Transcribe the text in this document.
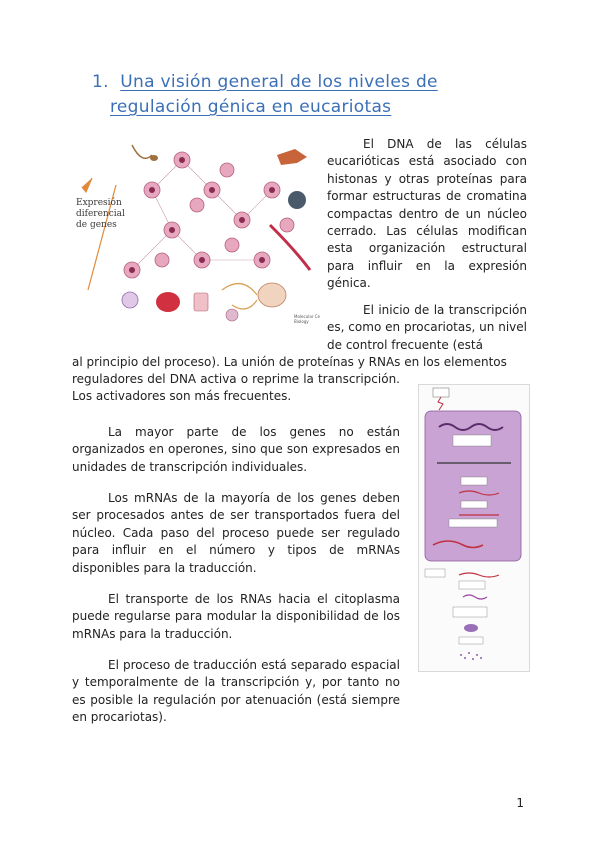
1. Una visión general de los niveles de
regulación génica en eucariotas
Molecular Cell
Biology
Expresión diferencial de genes
El DNA de las células eucarióticas está asociado con histonas y otras proteínas para formar estructuras de cromatina compactas dentro de un núcleo cerrado. Las células modifican esta organización estructural para influir en la expresión génica.
El inicio de la transcripción es, como en procariotas, un nivel de control frecuente (está
al principio del proceso). La unión de proteínas y RNAs en los elementos
reguladores del DNA activa o reprime la transcripción. Los activadores son más frecuentes.
La mayor parte de los genes no están organizados en operones, sino que son expresados en unidades de transcripción individuales.
Los mRNAs de la mayoría de los genes deben ser procesados antes de ser transportados fuera del núcleo. Cada paso del proceso puede ser regulado para influir en el número y tipos de mRNAs disponibles para la traducción.
El transporte de los RNAs hacia el citoplasma puede regularse para modular la disponibilidad de los mRNAs para la traducción.
El proceso de traducción está separado espacial y temporalmente de la transcripción y, por tanto no es posible la regulación por atenuación (está siempre en procariotas).
1
